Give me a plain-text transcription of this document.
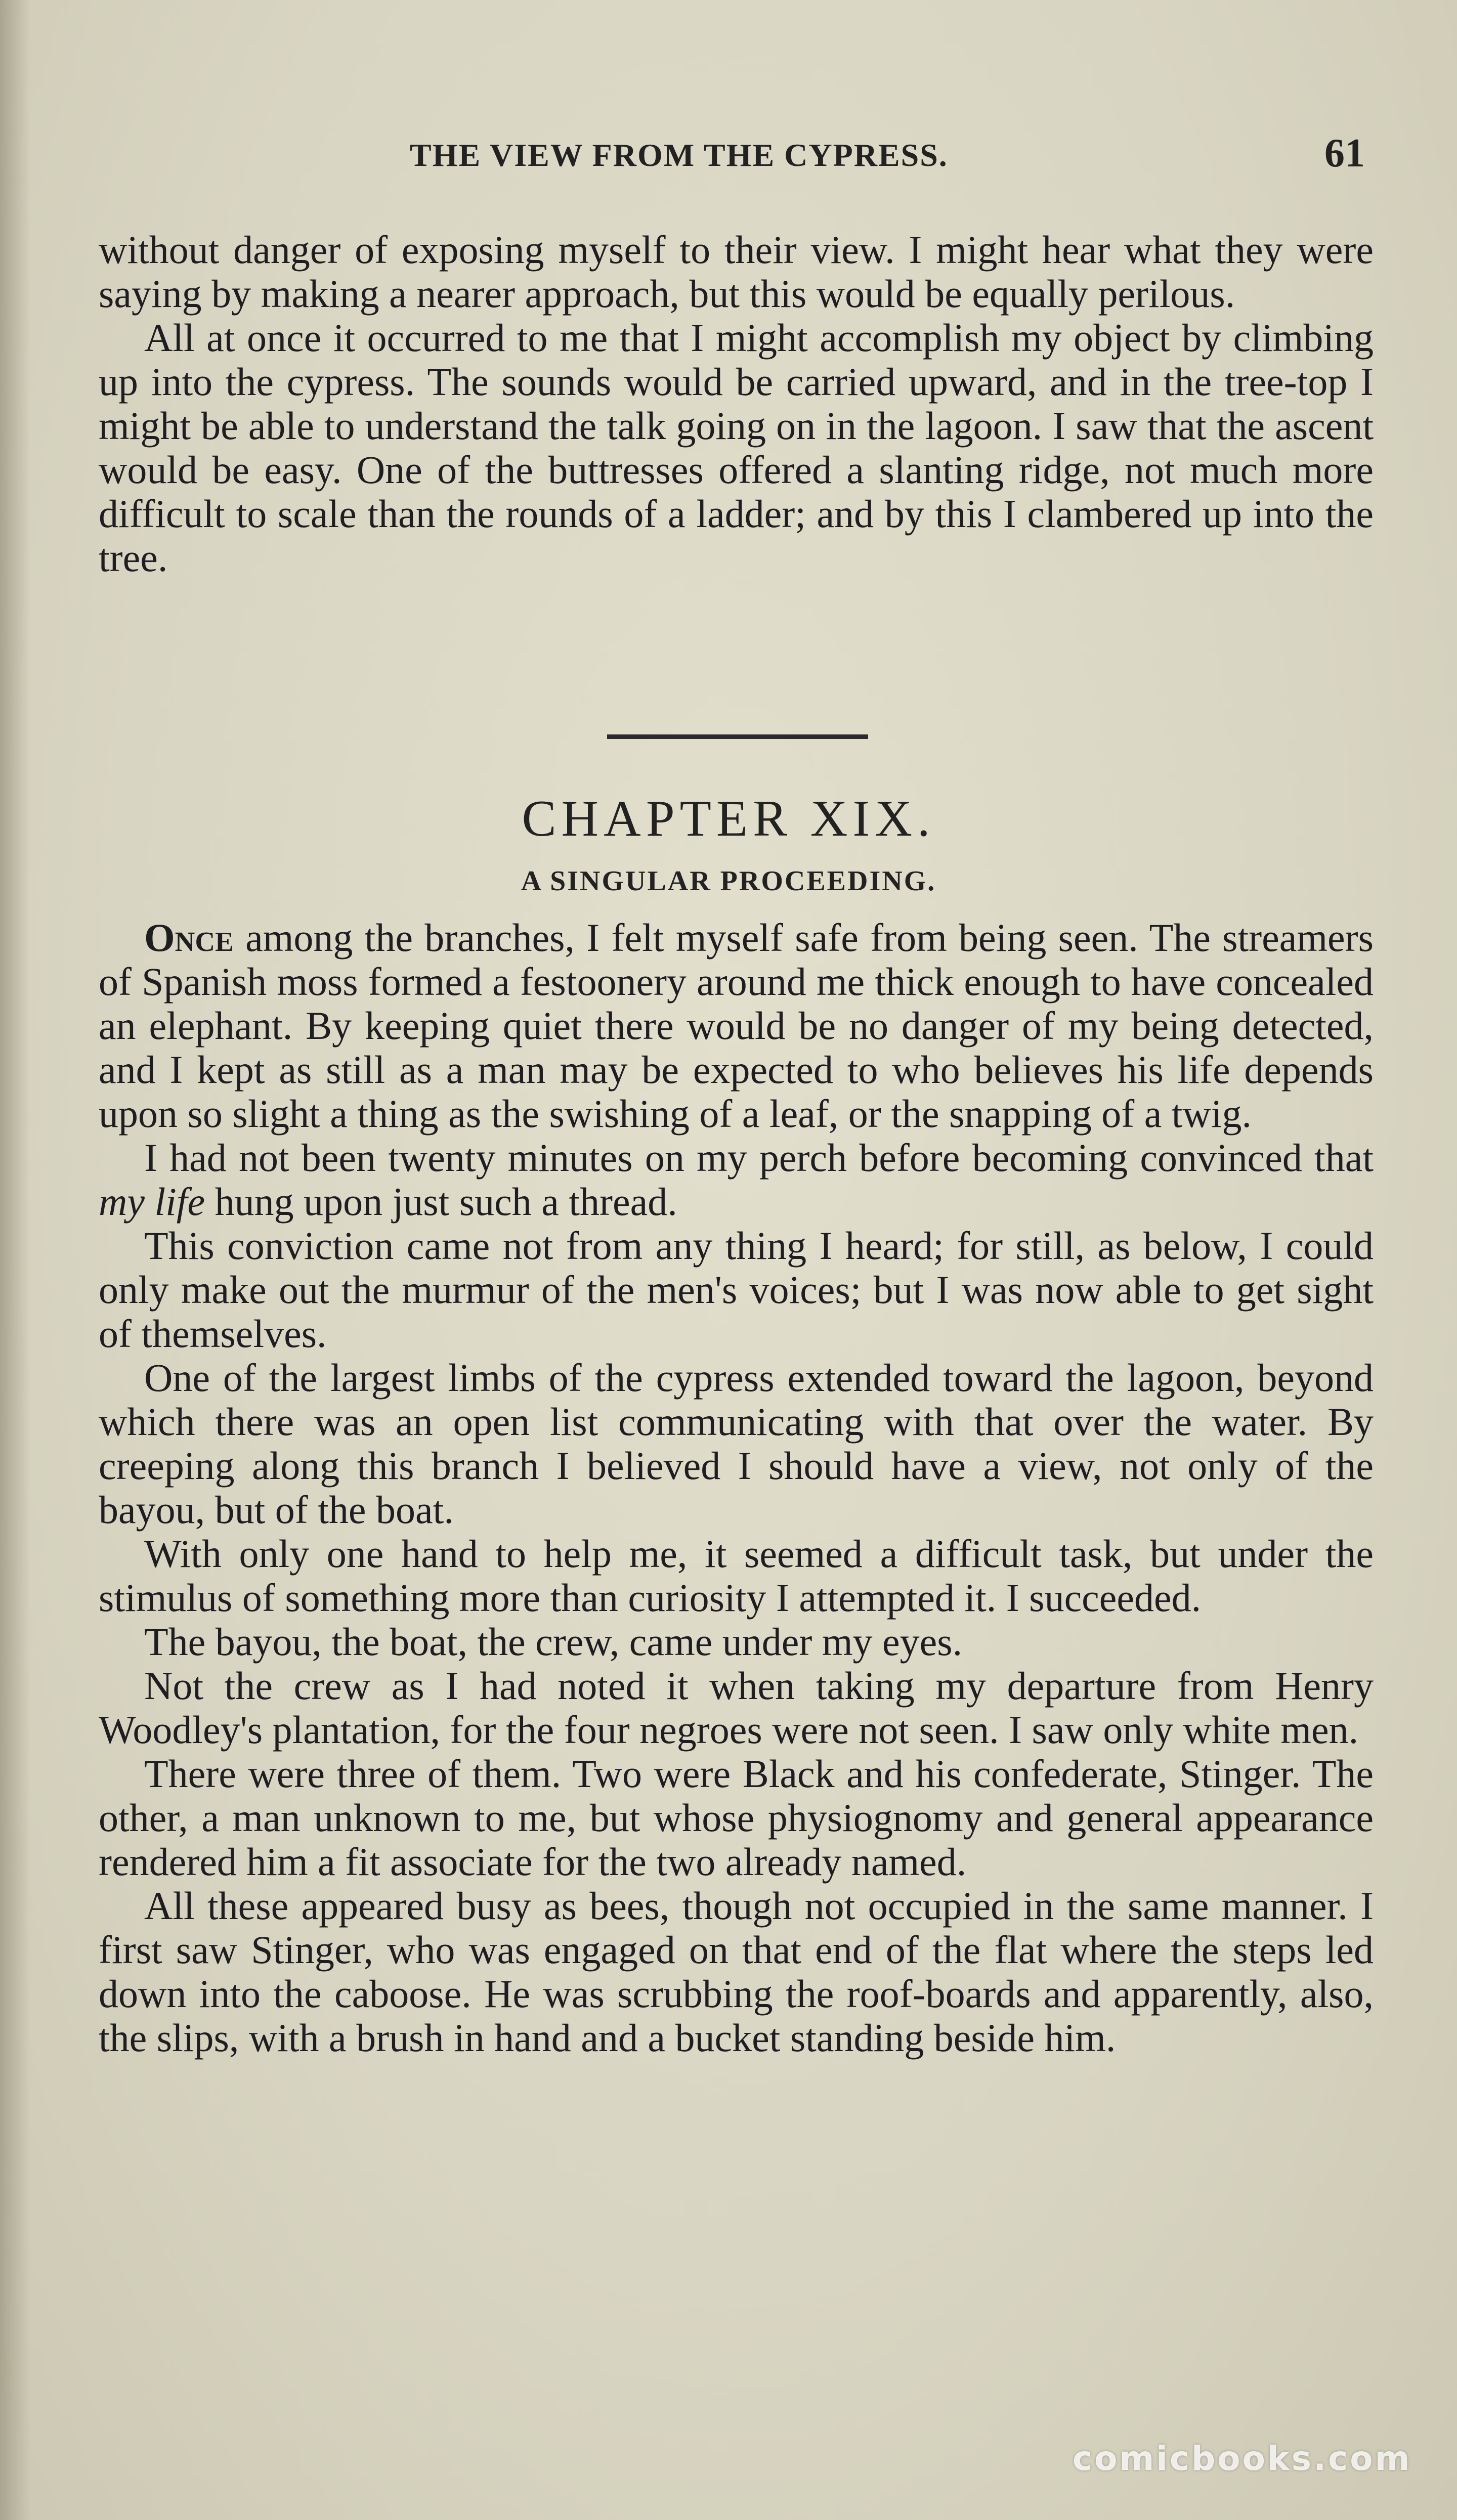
THE VIEW FROM THE CYPRESS.	61

without danger of exposing myself to their view. I might hear what they were saying by making a nearer approach, but this would be equally perilous.

All at once it occurred to me that I might accomplish my object by climbing up into the cypress. The sounds would be carried upward, and in the tree-top I might be able to understand the talk going on in the lagoon. I saw that the ascent would be easy. One of the buttresses offered a slanting ridge, not much more difficult to scale than the rounds of a ladder; and by this I clambered up into the tree.

CHAPTER XIX.
A SINGULAR PROCEEDING.

Once among the branches, I felt myself safe from being seen. The streamers of Spanish moss formed a festoonery around me thick enough to have concealed an elephant. By keeping quiet there would be no danger of my being detected, and I kept as still as a man may be expected to who believes his life depends upon so slight a thing as the swishing of a leaf, or the snapping of a twig.

I had not been twenty minutes on my perch before becoming convinced that my life hung upon just such a thread.

This conviction came not from any thing I heard; for still, as below, I could only make out the murmur of the men's voices; but I was now able to get sight of themselves.

One of the largest limbs of the cypress extended toward the lagoon, beyond which there was an open list communicating with that over the water. By creeping along this branch I believed I should have a view, not only of the bayou, but of the boat.

With only one hand to help me, it seemed a difficult task, but under the stimulus of something more than curiosity I attempted it. I succeeded.

The bayou, the boat, the crew, came under my eyes.

Not the crew as I had noted it when taking my departure from Henry Woodley's plantation, for the four negroes were not seen. I saw only white men.

There were three of them. Two were Black and his confederate, Stinger. The other, a man unknown to me, but whose physiognomy and general appearance rendered him a fit associate for the two already named.

All these appeared busy as bees, though not occupied in the same manner. I first saw Stinger, who was engaged on that end of the flat where the steps led down into the caboose. He was scrubbing the roof-boards and apparently, also, the slips, with a brush in hand and a bucket standing beside him.

comicbooks.com
